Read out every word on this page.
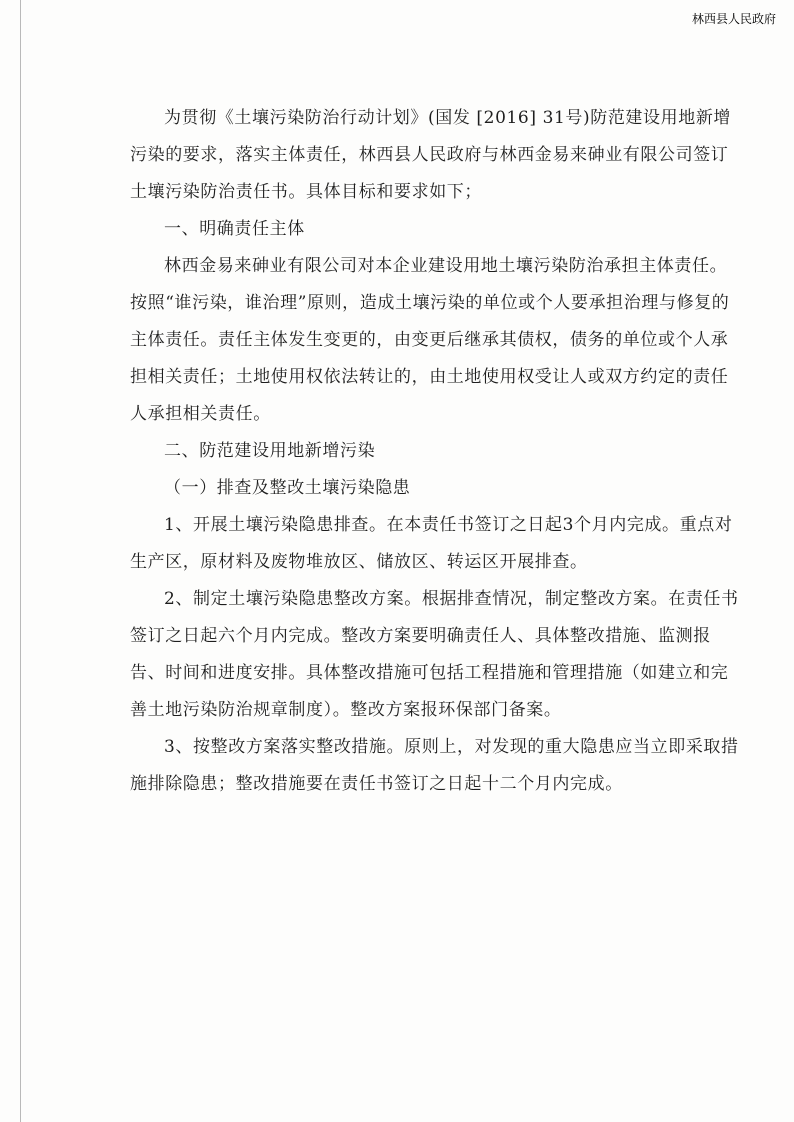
林西县人民政府

为贯彻《土壤污染防治行动计划》(国发 [2016] 31号)防范建设用地新增污染的要求，落实主体责任，林西县人民政府与林西金易来砷业有限公司签订土壤污染防治责任书。具体目标和要求如下；

一、明确责任主体

林西金易来砷业有限公司对本企业建设用地土壤污染防治承担主体责任。按照“谁污染，谁治理”原则，造成土壤污染的单位或个人要承担治理与修复的主体责任。责任主体发生变更的，由变更后继承其债权，债务的单位或个人承担相关责任；土地使用权依法转让的，由土地使用权受让人或双方约定的责任人承担相关责任。

二、防范建设用地新增污染

（一）排查及整改土壤污染隐患

1、开展土壤污染隐患排查。在本责任书签订之日起3个月内完成。重点对生产区，原材料及废物堆放区、储放区、转运区开展排查。

2、制定土壤污染隐患整改方案。根据排查情况，制定整改方案。在责任书签订之日起六个月内完成。整改方案要明确责任人、具体整改措施、监测报告、时间和进度安排。具体整改措施可包括工程措施和管理措施（如建立和完善土地污染防治规章制度）。整改方案报环保部门备案。

3、按整改方案落实整改措施。原则上，对发现的重大隐患应当立即采取措施排除隐患；整改措施要在责任书签订之日起十二个月内完成。
